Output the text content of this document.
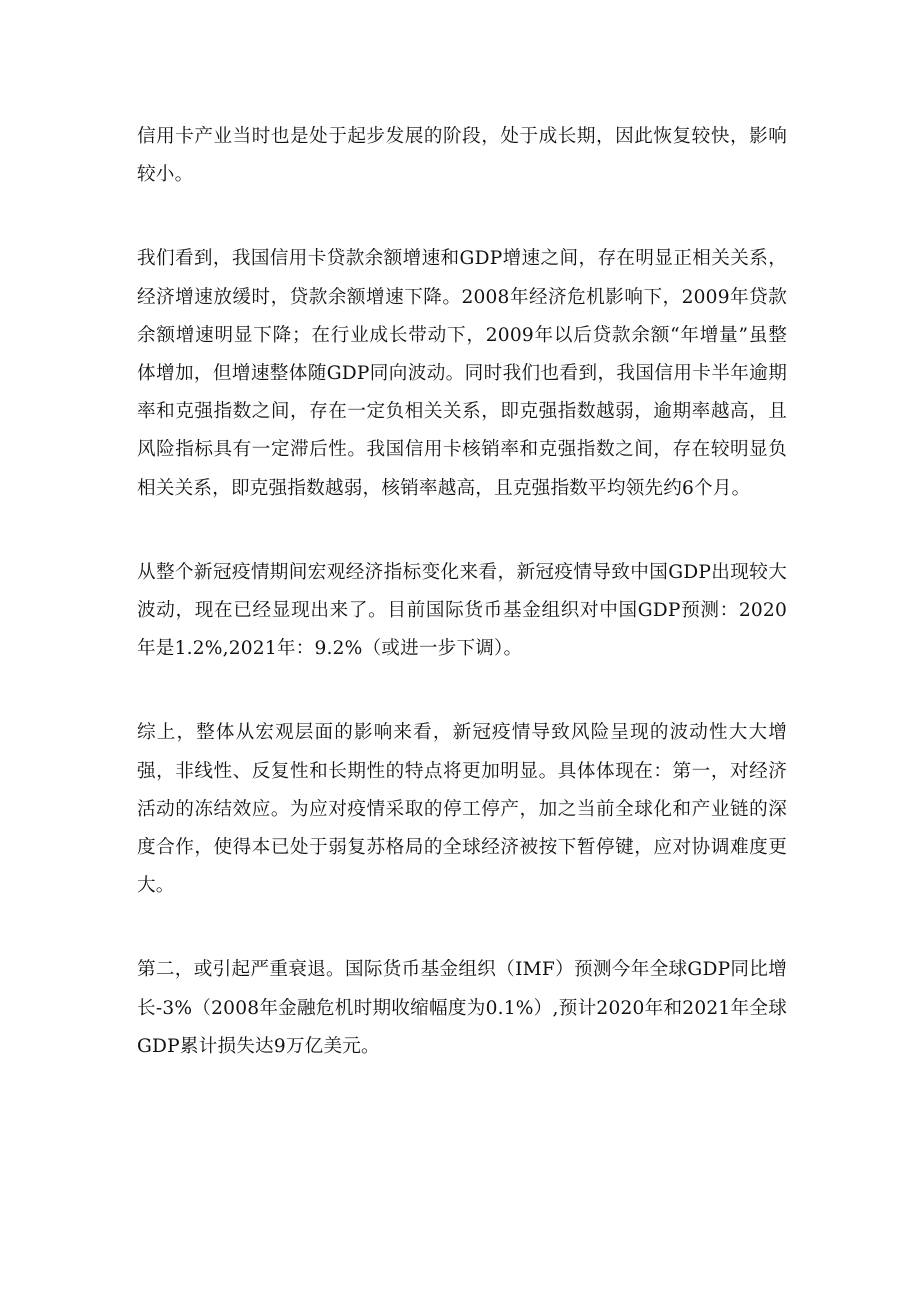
信用卡产业当时也是处于起步发展的阶段，处于成长期，因此恢复较快，影响较小。

我们看到，我国信用卡贷款余额增速和GDP增速之间，存在明显正相关关系，经济增速放缓时，贷款余额增速下降。2008年经济危机影响下，2009年贷款余额增速明显下降；在行业成长带动下，2009年以后贷款余额“年增量”虽整体增加，但增速整体随GDP同向波动。同时我们也看到，我国信用卡半年逾期率和克强指数之间，存在一定负相关关系，即克强指数越弱，逾期率越高，且风险指标具有一定滞后性。我国信用卡核销率和克强指数之间，存在较明显负相关关系，即克强指数越弱，核销率越高，且克强指数平均领先约6个月。

从整个新冠疫情期间宏观经济指标变化来看，新冠疫情导致中国GDP出现较大波动，现在已经显现出来了。目前国际货币基金组织对中国GDP预测：2020年是1.2%,2021年：9.2%（或进一步下调）。

综上，整体从宏观层面的影响来看，新冠疫情导致风险呈现的波动性大大增强，非线性、反复性和长期性的特点将更加明显。具体体现在：第一，对经济活动的冻结效应。为应对疫情采取的停工停产，加之当前全球化和产业链的深度合作，使得本已处于弱复苏格局的全球经济被按下暂停键，应对协调难度更大。

第二，或引起严重衰退。国际货币基金组织（IMF）预测今年全球GDP同比增长-3%（2008年金融危机时期收缩幅度为0.1%）,预计2020年和2021年全球GDP累计损失达9万亿美元。
